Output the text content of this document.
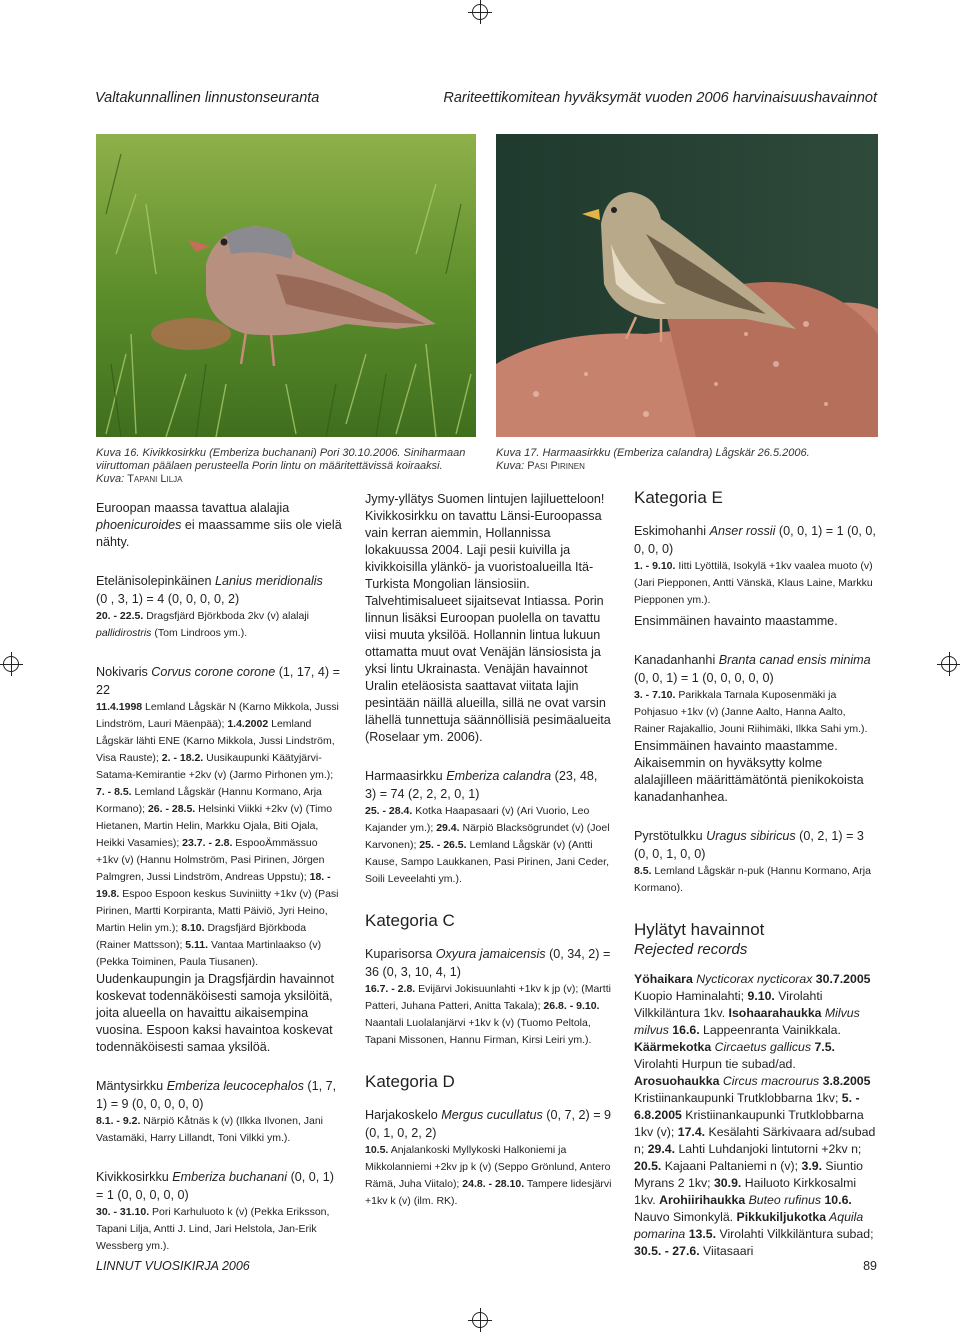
Valtakunnallinen linnustonseuranta	Rariteettikomitean hyväksymät vuoden 2006 harvinaisuushavainnot
Kuva 16. Kivikkosirkku (Emberiza buchanani) Pori 30.10.2006. Siniharmaan viiruttoman päälaen perusteella Porin lintu on määritettävissä koiraaksi. Kuva: Tapani Lilja
Kuva 17. Harmaasirkku (Emberiza calandra) Lågskär 26.5.2006.
Kuva: Pasi Pirinen

Euroopan maassa tavattua alalajia phoenicuroides ei maassamme siis ole vielä nähty.

Etelänisolepinkäinen Lanius meridionalis

(0 , 3, 1) = 4 (0, 0, 0, 0, 2)

20. - 22.5. Dragsfjärd Björkboda 2kv (v) alalaji pallidirostris (Tom Lindroos ym.).

Nokivaris Corvus corone corone (1, 17, 4) = 22

11.4.1998 Lemland Lågskär N (Karno Mikkola, Jussi Lindström, Lauri Mäenpää); 1.4.2002 Lemland Lågskär lähti ENE (Karno Mikkola, Jussi Lindström, Visa Rauste); 2. - 18.2. Uusikaupunki Käätyjärvi-Satama-Kemirantie +2kv (v) (Jarmo Pirhonen ym.); 7. - 8.5. Lemland Lågskär (Hannu Kormano, Arja Kormano); 26. - 28.5. Helsinki Viikki +2kv (v) (Timo Hietanen, Martin Helin, Markku Ojala, Biti Ojala, Heikki Vasamies); 23.7. - 2.8. EspooÄmmässuo +1kv (v) (Hannu Holmström, Pasi Pirinen, Jörgen Palmgren, Jussi Lindström, Andreas Uppstu); 18. - 19.8. Espoo Espoon keskus Suviniitty +1kv (v) (Pasi Pirinen, Martti Korpiranta, Matti Päiviö, Jyri Heino, Martin Helin ym.); 8.10. Dragsfjärd Björkboda (Rainer Mattsson); 5.11. Vantaa Martinlaakso (v) (Pekka Toiminen, Paula Tiusanen).

Uudenkaupungin ja Dragsfjärdin havainnot koskevat todennäköisesti samoja yksilöitä, joita alueella on havaittu aikaisempina vuosina. Espoon kaksi havaintoa koskevat todennäköisesti samaa yksilöä.

Mäntysirkku Emberiza leucocephalos (1, 7, 1) = 9 (0, 0, 0, 0, 0)

8.1. - 9.2. Närpiö Kåtnäs k (v) (Ilkka Ilvonen, Jani Vastamäki, Harry Lillandt, Toni Vilkki ym.).

Kivikkosirkku Emberiza buchanani (0, 0, 1) = 1 (0, 0, 0, 0, 0)

30. - 31.10. Pori Karhuluoto k (v) (Pekka Eriksson, Tapani Lilja, Antti J. Lind, Jari Helstola, Jan-Erik Wessberg ym.).

Jymy-yllätys Suomen lintujen lajiluetteloon! Kivikkosirkku on tavattu Länsi-Euroopassa vain kerran aiemmin, Hollannissa lokakuussa 2004. Laji pesii kuivilla ja kivikkoisilla ylänkö- ja vuoristoalueilla Itä-Turkista Mongolian länsiosiin. Talvehtimisalueet sijaitsevat Intiassa. Porin linnun lisäksi Euroopan puolella on tavattu viisi muuta yksilöä. Hollannin lintua lukuun ottamatta muut ovat Venäjän länsiosista ja yksi lintu Ukrainasta. Venäjän havainnot Uralin eteläosista saattavat viitata lajin pesintään näillä alueilla, sillä ne ovat varsin lähellä tunnettuja säännöllisiä pesimäalueita (Roselaar ym. 2006).

Harmaasirkku Emberiza calandra (23, 48, 3) = 74 (2, 2, 2, 0, 1)

25. - 28.4. Kotka Haapasaari (v) (Ari Vuorio, Leo Kajander ym.); 29.4. Närpiö Blacksögrundet (v) (Joel Karvonen); 25. - 26.5. Lemland Lågskär (v) (Antti Kause, Sampo Laukkanen, Pasi Pirinen, Jani Ceder, Soili Leveelahti ym.).

Kategoria C

Kuparisorsa Oxyura jamaicensis (0, 34, 2) = 36 (0, 3, 10, 4, 1)

16.7. - 2.8. Evijärvi Jokisuunlahti +1kv k jp (v); (Martti Patteri, Juhana Patteri, Anitta Takala); 26.8. - 9.10. Naantali Luolalanjärvi +1kv k (v) (Tuomo Peltola, Tapani Missonen, Hannu Firman, Kirsi Leiri ym.).

Kategoria D

Harjakoskelo Mergus cucullatus (0, 7, 2) = 9 (0, 1, 0, 2, 2)

10.5. Anjalankoski Myllykoski Halkoniemi ja Mikkolanniemi +2kv jp k (v) (Seppo Grönlund, Antero Rämä, Juha Viitalo); 24.8. - 28.10. Tampere lidesjärvi +1kv k (v) (ilm. RK).

Kategoria E

Eskimohanhi Anser rossii (0, 0, 1) = 1 (0, 0, 0, 0, 0)

1. - 9.10. Iitti Lyöttilä, Isokylä +1kv vaalea muoto (v) (Jari Piepponen, Antti Vänskä, Klaus Laine, Markku Piepponen ym.).

Ensimmäinen havainto maastamme.

Kanadanhanhi Branta canad ensis minima (0, 0, 1) = 1 (0, 0, 0, 0, 0)

3. - 7.10. Parikkala Tarnala Kuposenmäki ja Pohjasuo +1kv (v) (Janne Aalto, Hanna Aalto, Rainer Rajakallio, Jouni Riihimäki, Ilkka Sahi ym.).

Ensimmäinen havainto maastamme. Aikaisemmin on hyväksytty kolme alalajilleen määrittämätöntä pienikokoista kanadanhanhea.

Pyrstötulkku Uragus sibiricus (0, 2, 1) = 3 (0, 0, 1, 0, 0)

8.5. Lemland Lågskär n-puk (Hannu Kormano, Arja Kormano).

Hylätyt havainnot

Rejected records

Yöhaikara Nycticorax nycticorax 30.7.2005 Kuopio Haminalahti; 9.10. Virolahti Vilkkiläntura 1kv. Isohaarahaukka Milvus milvus 16.6. Lappeenranta Vainikkala. Käärmekotka Circaetus gallicus 7.5. Virolahti Hurpun tie subad/ad. Arosuohaukka Circus macrourus 3.8.2005 Kristiinankaupunki Trutklobbarna 1kv; 5. - 6.8.2005 Kristiinankaupunki Trutklobbarna 1kv (v); 17.4. Kesälahti Särkivaara ad/subad n; 29.4. Lahti Luhdanjoki lintutorni +2kv n; 20.5. Kajaani Paltaniemi n (v); 3.9. Siuntio Myrans 2 1kv; 30.9. Hailuoto Kirkkosalmi 1kv. Arohiirihaukka Buteo rufinus 10.6. Nauvo Simonkylä. Pikkukiljukotka Aquila pomarina 13.5. Virolahti Vilkkiläntura subad; 30.5. - 27.6. Viitasaari

LINNUT VUOSIKIRJA 2006	89
